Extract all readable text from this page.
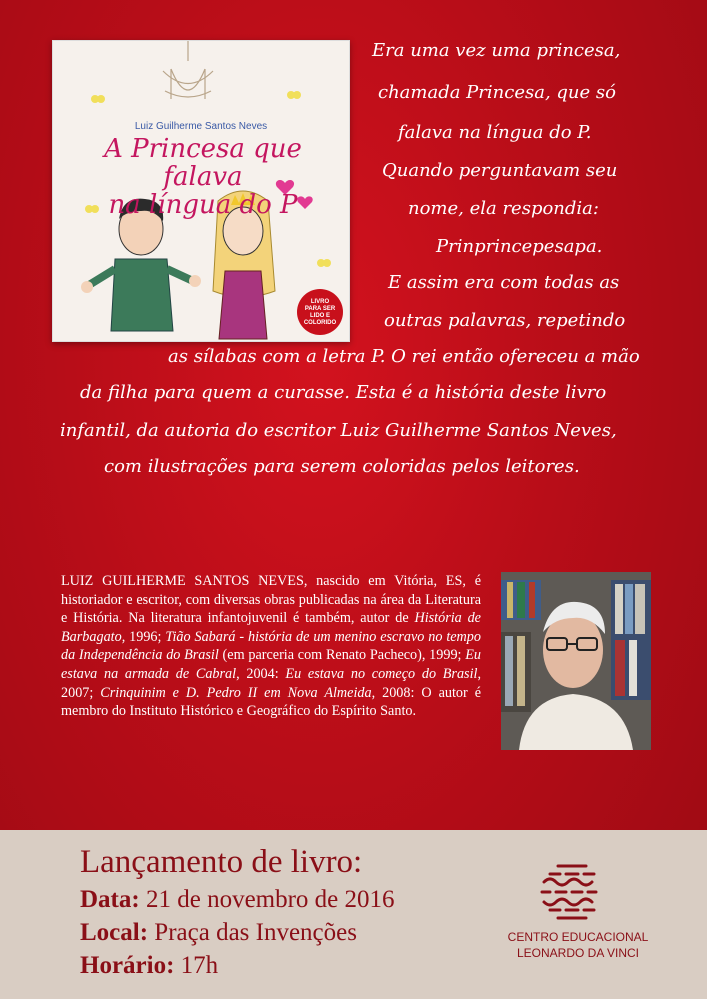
Luiz Guilherme Santos Neves
A Princesa que falava
na língua do P
LIVRO
PARA SER
LIDO E
COLORIDO
Era uma vez uma princesa,
chamada Princesa, que só
falava na língua do P.
Quando perguntavam seu
nome, ela respondia:
Prinprincepesapa.
E assim era com todas as
outras palavras, repetindo
as sílabas com a letra P. O rei então ofereceu a mão
da filha para quem a curasse. Esta é a história deste livro
infantil, da autoria do escritor Luiz Guilherme Santos Neves,
com ilustrações para serem coloridas pelos leitores.
LUIZ GUILHERME SANTOS NEVES, nascido em Vitória, ES, é historiador e escritor, com diversas obras publicadas na área da Literatura e História. Na literatura infantojuvenil é também, autor de História de Barbagato, 1996; Tião Sabará - história de um menino escravo no tempo da Independência do Brasil (em parceria com Renato Pacheco), 1999; Eu estava na armada de Cabral, 2004: Eu estava no começo do Brasil, 2007; Crinquinim e D. Pedro II em Nova Almeida, 2008: O autor é membro do Instituto Histórico e Geográfico do Espírito Santo.
Lançamento de livro:
Data: 21 de novembro de 2016
Local: Praça das Invenções
Horário: 17h
CENTRO EDUCACIONAL
LEONARDO DA VINCI
